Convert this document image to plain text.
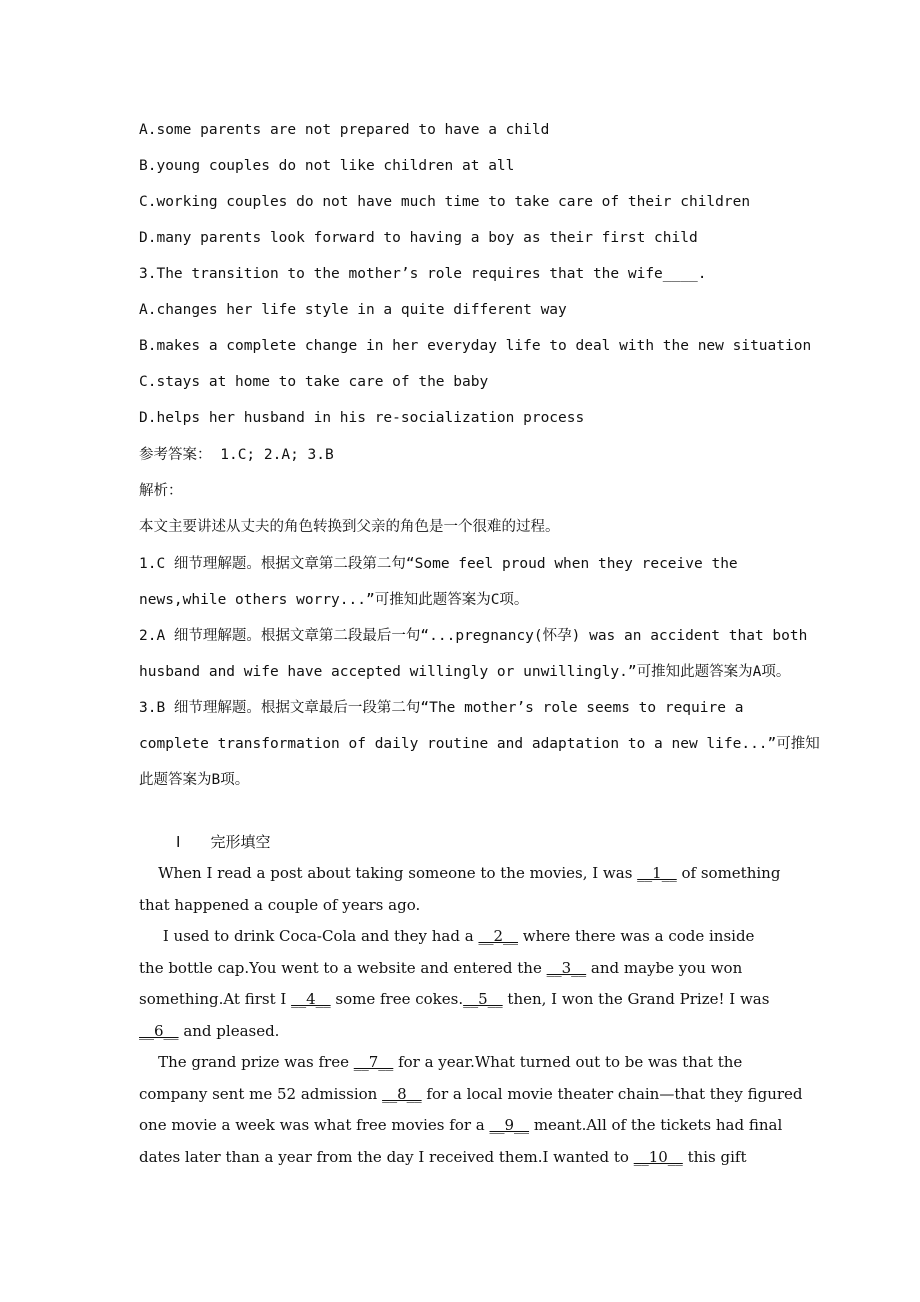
A.some parents are not prepared to have a child
B.young couples do not like children at all
C.working couples do not have much time to take care of their children
D.many parents look forward to having a boy as their first child
3.The transition to the mother’s role requires that the wife____.
A.changes her life style in a quite different way
B.makes a complete change in her everyday life to deal with the new situation
C.stays at home to take care of the baby
D.helps her husband in his re-socialization process
参考答案： 1.C; 2.A; 3.B
解析：
本文主要讲述从丈夫的角色转换到父亲的角色是一个很难的过程。
1.C 细节理解题。根据文章第二段第二句“Some feel proud when they receive the
news,while others worry...”可推知此题答案为C项。
2.A 细节理解题。根据文章第二段最后一句“...pregnancy(怀孕) was an accident that both
husband and wife have accepted willingly or unwillingly.”可推知此题答案为A项。
3.B 细节理解题。根据文章最后一段第二句“The mother’s role seems to require a
complete transformation of daily routine and adaptation to a new life...”可推知
此题答案为B项。
Ⅰ 完形填空
When I read a post about taking someone to the movies, I was __1__ of something
that happened a couple of years ago.
I used to drink Coca-Cola and they had a __2__ where there was a code inside
the bottle cap.You went to a website and entered the __3__ and maybe you won
something.At first I __4__ some free cokes.__5__ then, I won the Grand Prize! I was
__6__ and pleased.
The grand prize was free __7__ for a year.What turned out to be was that the
company sent me 52 admission __8__ for a local movie theater chain—that they figured
one movie a week was what free movies for a __9__ meant.All of the tickets had final
dates later than a year from the day I received them.I wanted to __10__ this gift
